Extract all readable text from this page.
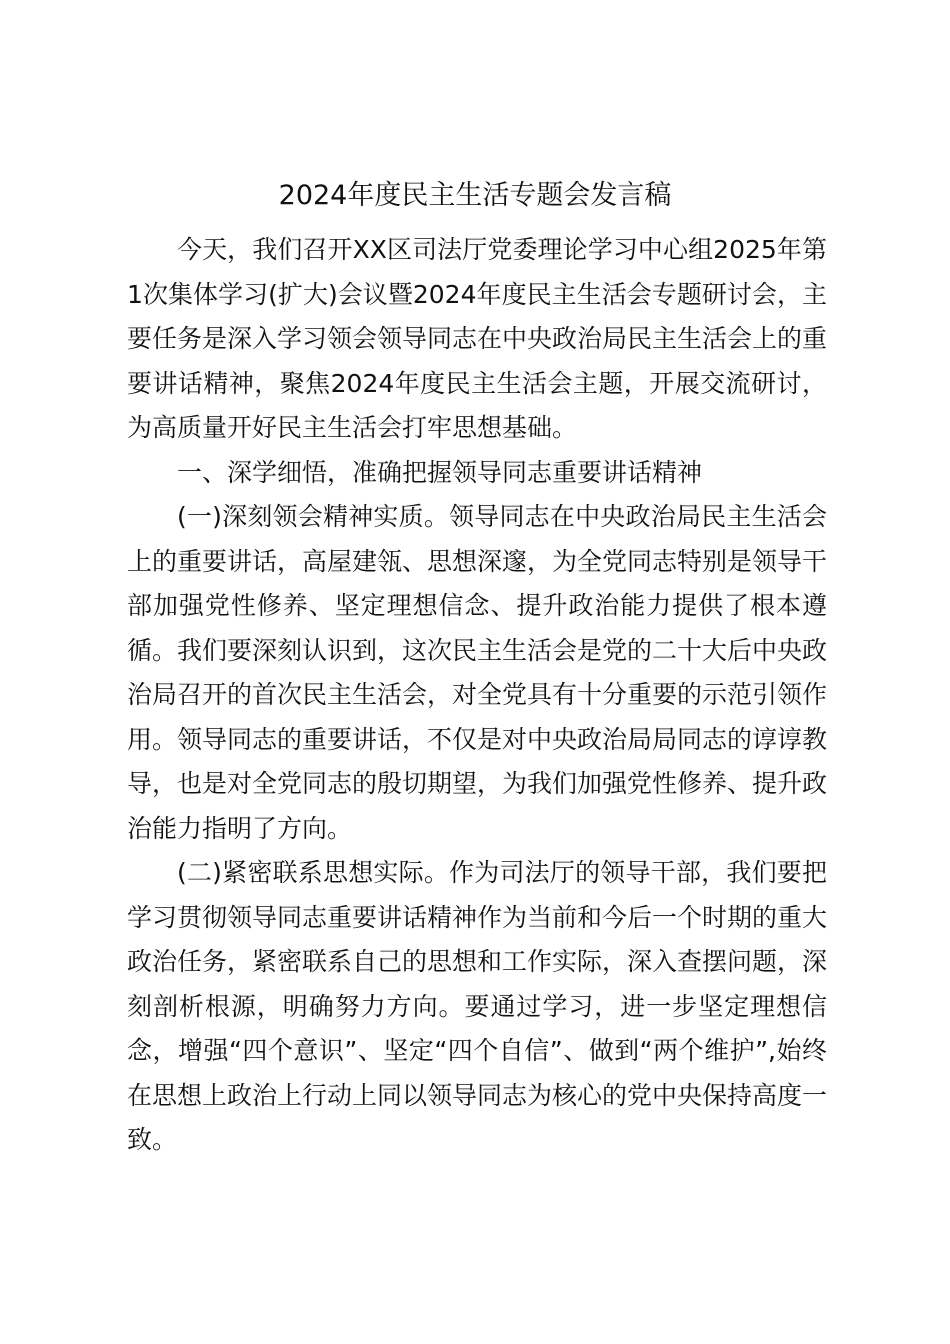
2024年度民主生活专题会发言稿

今天，我们召开XX区司法厅党委理论学习中心组2025年第1次集体学习(扩大)会议暨2024年度民主生活会专题研讨会，主要任务是深入学习领会领导同志在中央政治局民主生活会上的重要讲话精神，聚焦2024年度民主生活会主题，开展交流研讨，为高质量开好民主生活会打牢思想基础。

一、深学细悟，准确把握领导同志重要讲话精神

(一)深刻领会精神实质。领导同志在中央政治局民主生活会上的重要讲话，高屋建瓴、思想深邃，为全党同志特别是领导干部加强党性修养、坚定理想信念、提升政治能力提供了根本遵循。我们要深刻认识到，这次民主生活会是党的二十大后中央政治局召开的首次民主生活会，对全党具有十分重要的示范引领作用。领导同志的重要讲话，不仅是对中央政治局局同志的谆谆教导，也是对全党同志的殷切期望，为我们加强党性修养、提升政治能力指明了方向。

(二)紧密联系思想实际。作为司法厅的领导干部，我们要把学习贯彻领导同志重要讲话精神作为当前和今后一个时期的重大政治任务，紧密联系自己的思想和工作实际，深入查摆问题，深刻剖析根源，明确努力方向。要通过学习，进一步坚定理想信念，增强“四个意识”、坚定“四个自信”、做到“两个维护”,始终在思想上政治上行动上同以领导同志为核心的党中央保持高度一致。
